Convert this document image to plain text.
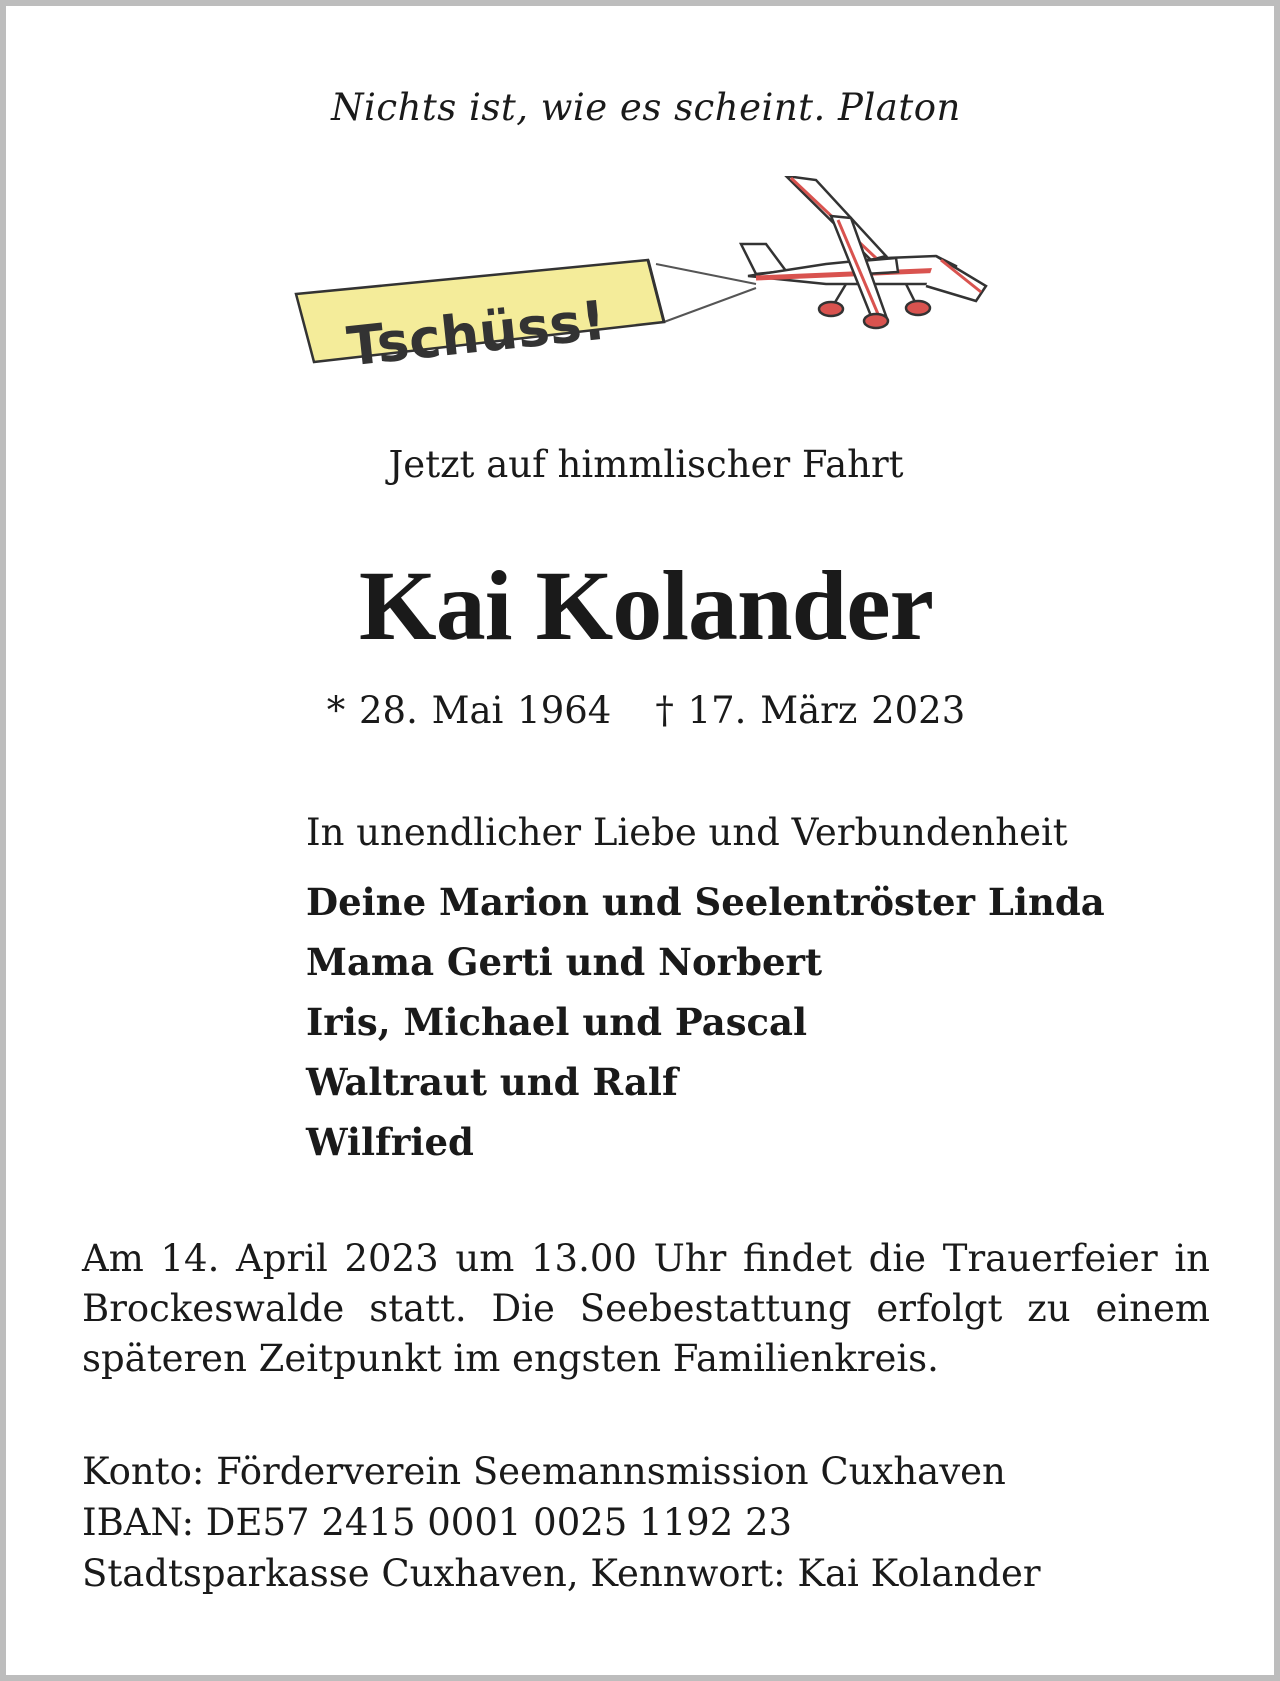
Nichts ist, wie es scheint. Platon
Tschüss!
Jetzt auf himmlischer Fahrt
Kai Kolander
* 28. Mai 1964 † 17. März 2023
In unendlicher Liebe und Verbundenheit
Deine Marion und Seelentröster Linda
Mama Gerti und Norbert
Iris, Michael und Pascal
Waltraut und Ralf
Wilfried
Am 14. April 2023 um 13.00 Uhr findet die Trauerfeier in Brockeswalde statt. Die Seebestattung erfolgt zu einem späteren Zeitpunkt im engsten Familienkreis.
Konto: Förderverein Seemannsmission Cuxhaven
IBAN: DE57 2415 0001 0025 1192 23
Stadtsparkasse Cuxhaven, Kennwort: Kai Kolander
